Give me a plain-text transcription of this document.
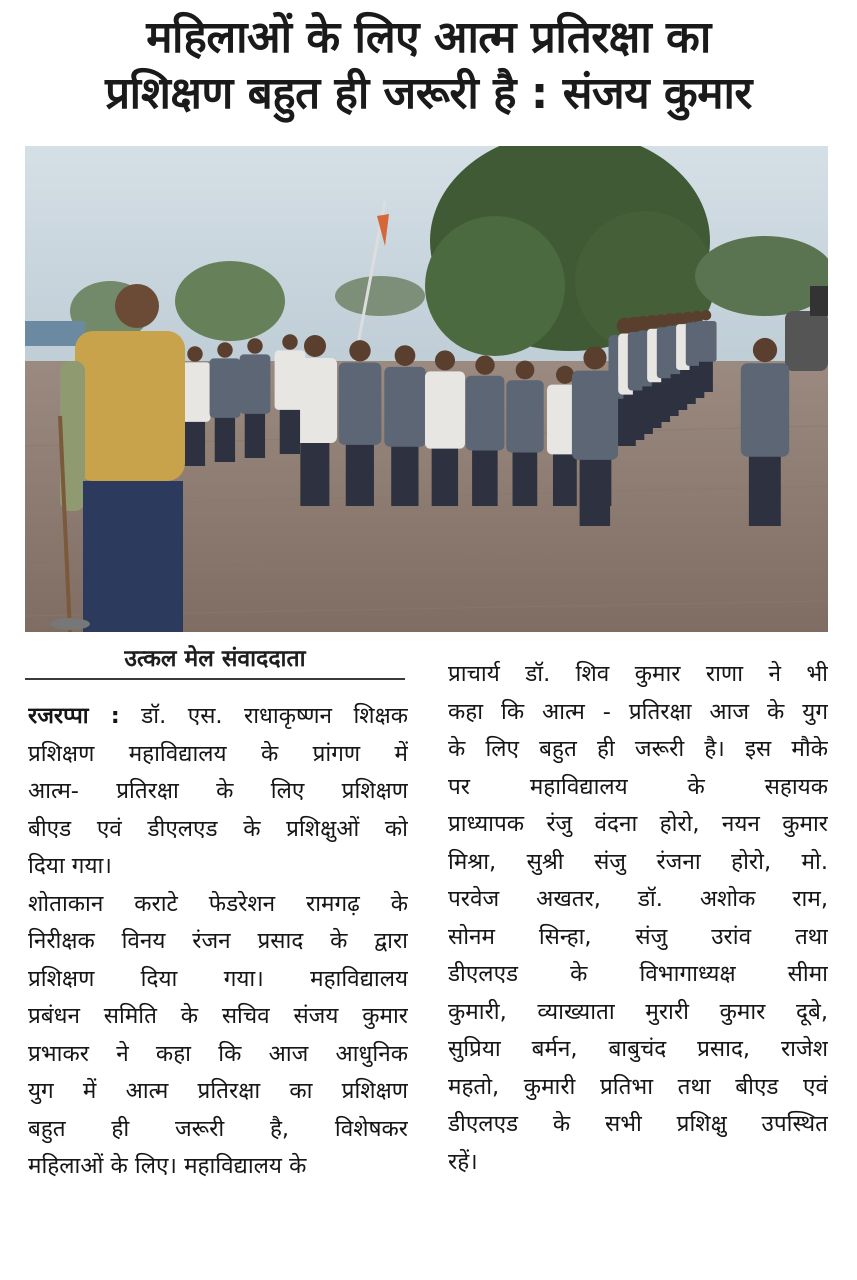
महिलाओं के लिए आत्म प्रतिरक्षा का
प्रशिक्षण बहुत ही जरूरी है : संजय कुमार
उत्कल मेल संवाददाता
रजरप्पा : डॉ. एस. राधाकृष्णन शिक्षक
प्रशिक्षण महाविद्यालय के प्रांगण में
आत्म- प्रतिरक्षा के लिए प्रशिक्षण
बीएड एवं डीएलएड के प्रशिक्षुओं को
दिया गया।
शोताकान कराटे फेडरेशन रामगढ़ के
निरीक्षक विनय रंजन प्रसाद के द्वारा
प्रशिक्षण दिया गया। महाविद्यालय
प्रबंधन समिति के सचिव संजय कुमार
प्रभाकर ने कहा कि आज आधुनिक
युग में आत्म प्रतिरक्षा का प्रशिक्षण
बहुत ही जरूरी है, विशेषकर
महिलाओं के लिए। महाविद्यालय के
प्राचार्य डॉ. शिव कुमार राणा ने भी
कहा कि आत्म - प्रतिरक्षा आज के युग
के लिए बहुत ही जरूरी है। इस मौके
पर महाविद्यालय के सहायक
प्राध्यापक रंजु वंदना होरो, नयन कुमार
मिश्रा, सुश्री संजु रंजना होरो, मो.
परवेज अखतर, डॉ. अशोक राम,
सोनम सिन्हा, संजु उरांव तथा
डीएलएड के विभागाध्यक्ष सीमा
कुमारी, व्याख्याता मुरारी कुमार दूबे,
सुप्रिया बर्मन, बाबुचंद प्रसाद, राजेश
महतो, कुमारी प्रतिभा तथा बीएड एवं
डीएलएड के सभी प्रशिक्षु उपस्थित
रहें।
